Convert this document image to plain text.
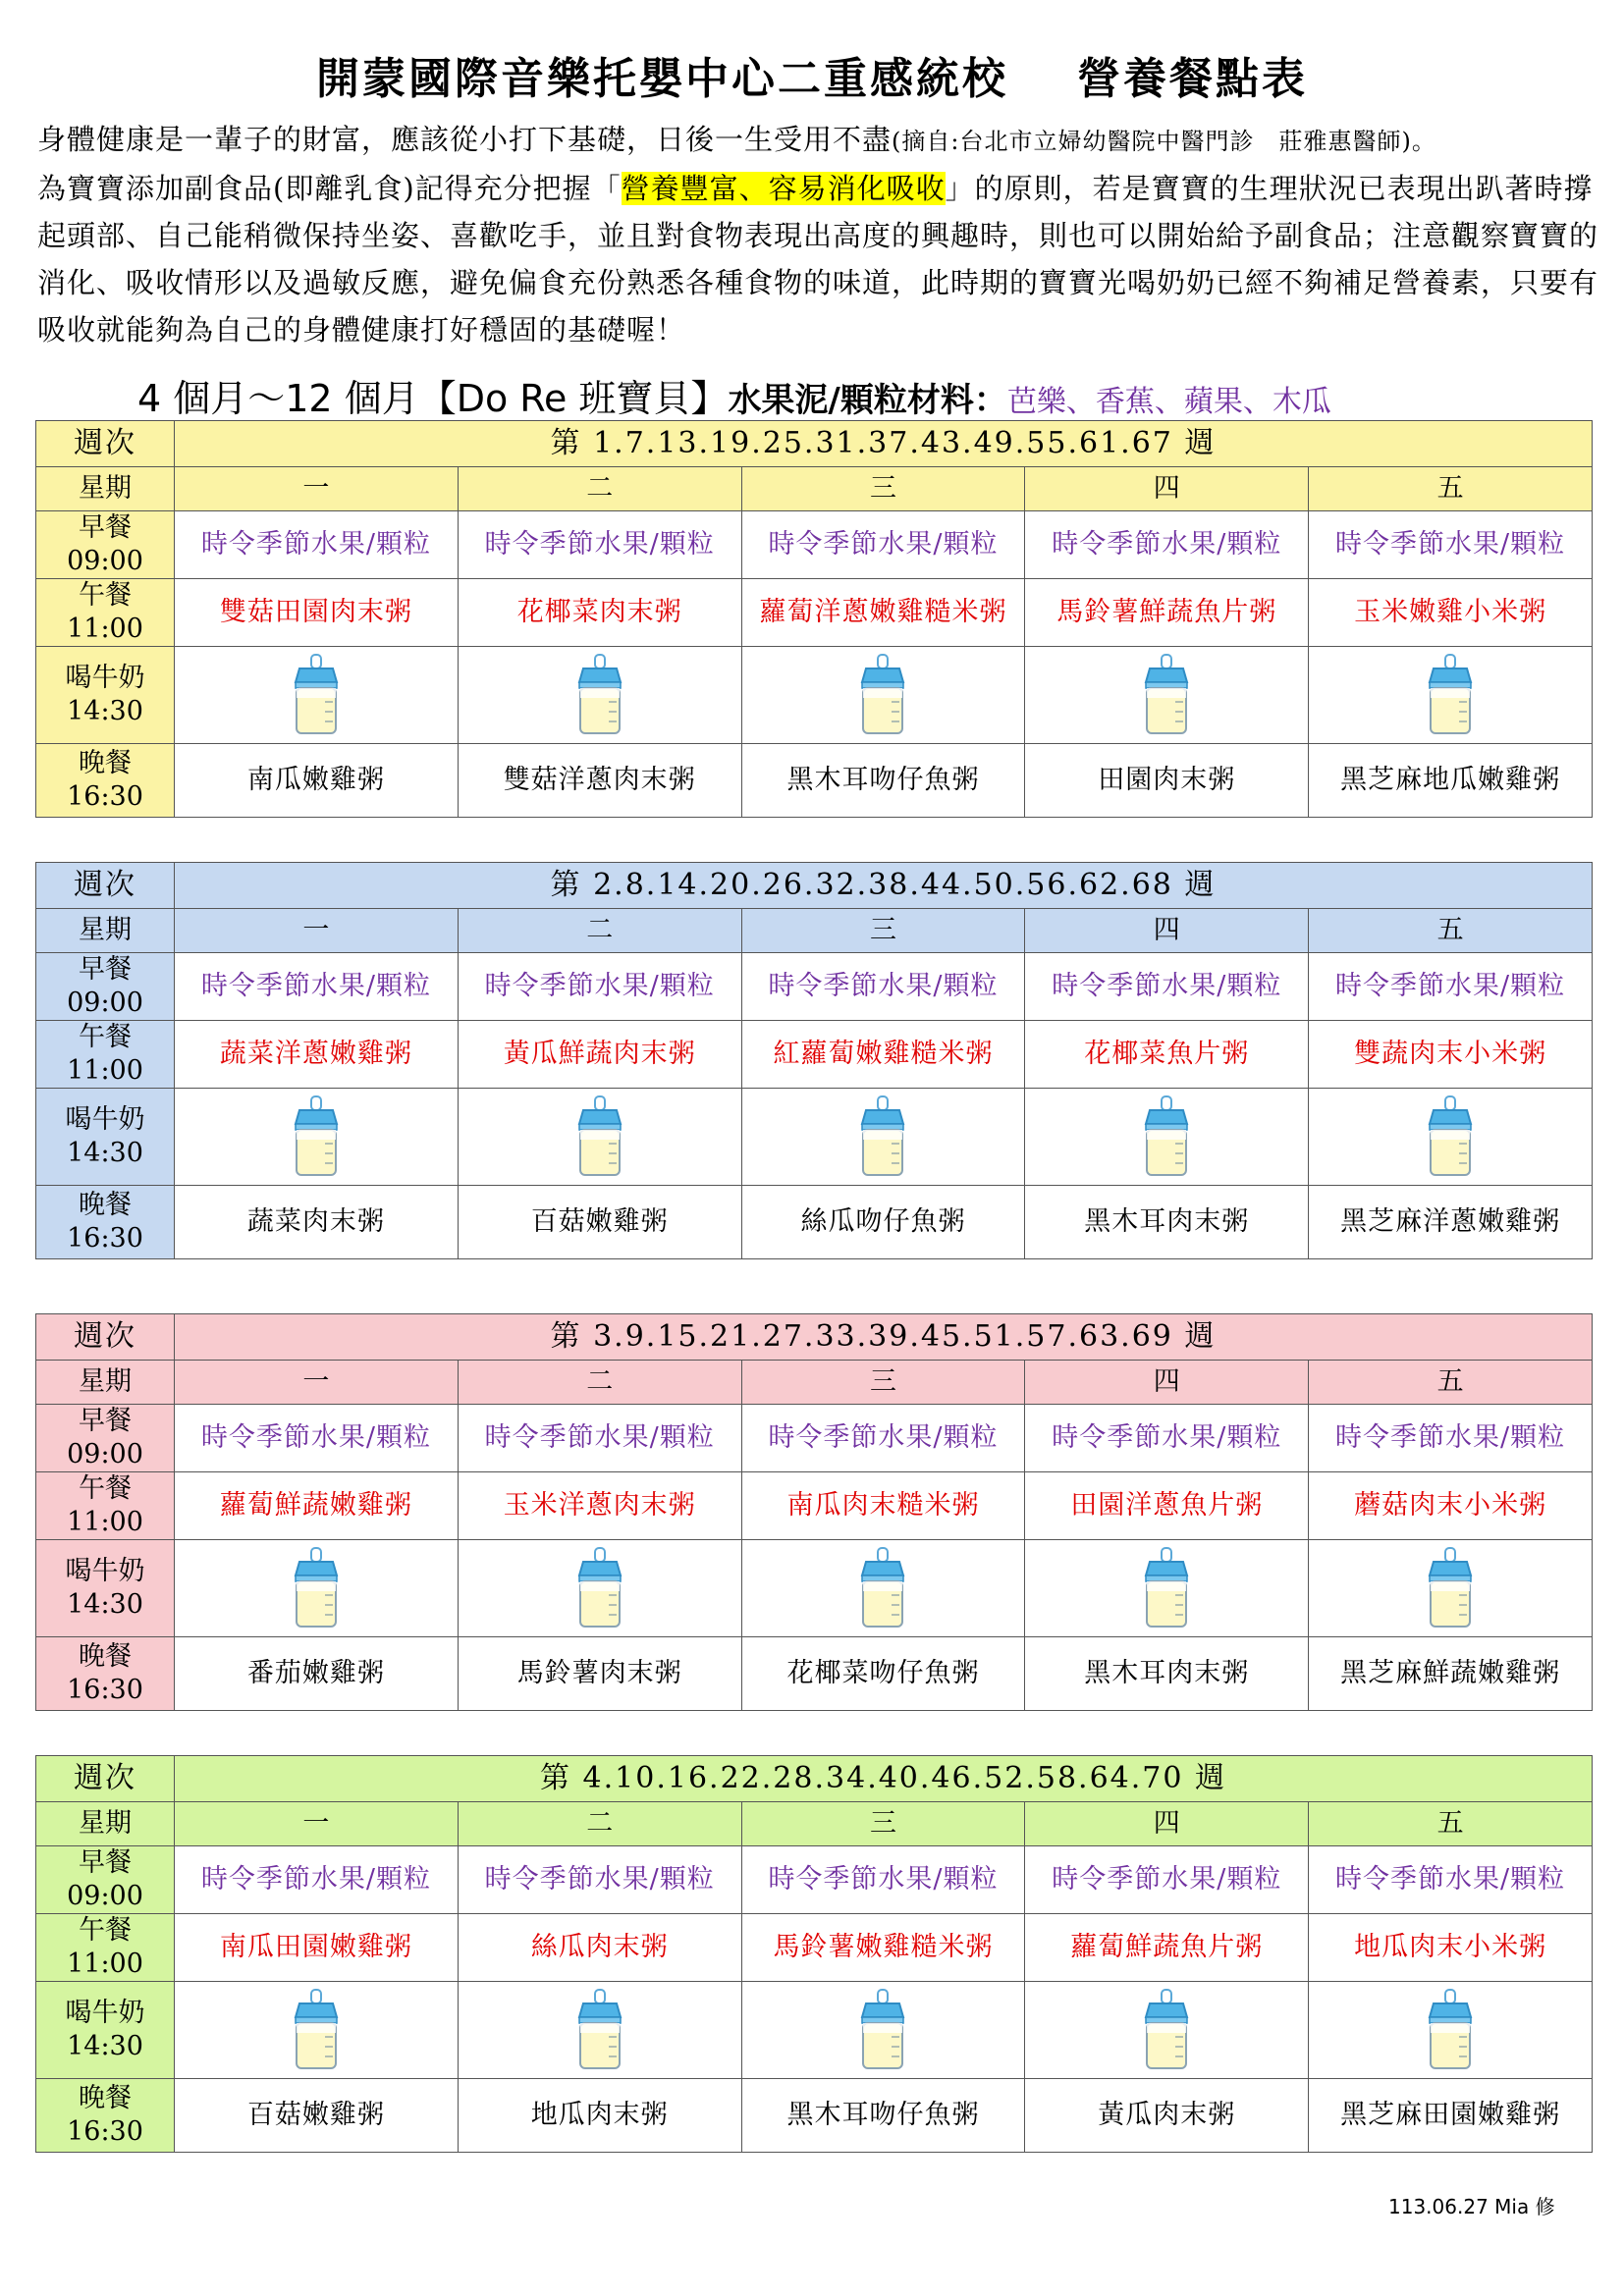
開蒙國際音樂托嬰中心二重感統校 營養餐點表
身體健康是一輩子的財富，應該從小打下基礎，日後一生受用不盡(摘自:台北市立婦幼醫院中醫門診　莊雅惠醫師)。
為寶寶添加副食品(即離乳食)記得充分把握「營養豐富、容易消化吸收」的原則，若是寶寶的生理狀況已表現出趴著時撐起頭部、自己能稍微保持坐姿、喜歡吃手，並且對食物表現出高度的興趣時，則也可以開始給予副食品；注意觀察寶寶的消化、吸收情形以及過敏反應，避免偏食充份熟悉各種食物的味道，此時期的寶寶光喝奶奶已經不夠補足營養素，只要有吸收就能夠為自己的身體健康打好穩固的基礎喔！
4 個月～12 個月【Do Re 班寶貝】水果泥/顆粒材料：芭樂、香蕉、蘋果、木瓜
週次	第 1.7.13.19.25.31.37.43.49.55.61.67 週				
星期	一	二	三	四	五
早餐
09:00	時令季節水果/顆粒	時令季節水果/顆粒	時令季節水果/顆粒	時令季節水果/顆粒	時令季節水果/顆粒
午餐
11:00	雙菇田園肉末粥	花椰菜肉末粥	蘿蔔洋蔥嫩雞糙米粥	馬鈴薯鮮蔬魚片粥	玉米嫩雞小米粥
喝牛奶
14:30					
晚餐
16:30	南瓜嫩雞粥	雙菇洋蔥肉末粥	黑木耳吻仔魚粥	田園肉末粥	黑芝麻地瓜嫩雞粥
週次	第 2.8.14.20.26.32.38.44.50.56.62.68 週				
星期	一	二	三	四	五
早餐
09:00	時令季節水果/顆粒	時令季節水果/顆粒	時令季節水果/顆粒	時令季節水果/顆粒	時令季節水果/顆粒
午餐
11:00	蔬菜洋蔥嫩雞粥	黃瓜鮮蔬肉末粥	紅蘿蔔嫩雞糙米粥	花椰菜魚片粥	雙蔬肉末小米粥
喝牛奶
14:30					
晚餐
16:30	蔬菜肉末粥	百菇嫩雞粥	絲瓜吻仔魚粥	黑木耳肉末粥	黑芝麻洋蔥嫩雞粥
週次	第 3.9.15.21.27.33.39.45.51.57.63.69 週				
星期	一	二	三	四	五
早餐
09:00	時令季節水果/顆粒	時令季節水果/顆粒	時令季節水果/顆粒	時令季節水果/顆粒	時令季節水果/顆粒
午餐
11:00	蘿蔔鮮蔬嫩雞粥	玉米洋蔥肉末粥	南瓜肉末糙米粥	田園洋蔥魚片粥	蘑菇肉末小米粥
喝牛奶
14:30					
晚餐
16:30	番茄嫩雞粥	馬鈴薯肉末粥	花椰菜吻仔魚粥	黑木耳肉末粥	黑芝麻鮮蔬嫩雞粥
週次	第 4.10.16.22.28.34.40.46.52.58.64.70 週				
星期	一	二	三	四	五
早餐
09:00	時令季節水果/顆粒	時令季節水果/顆粒	時令季節水果/顆粒	時令季節水果/顆粒	時令季節水果/顆粒
午餐
11:00	南瓜田園嫩雞粥	絲瓜肉末粥	馬鈴薯嫩雞糙米粥	蘿蔔鮮蔬魚片粥	地瓜肉末小米粥
喝牛奶
14:30					
晚餐
16:30	百菇嫩雞粥	地瓜肉末粥	黑木耳吻仔魚粥	黃瓜肉末粥	黑芝麻田園嫩雞粥
113.06.27 Mia 修
